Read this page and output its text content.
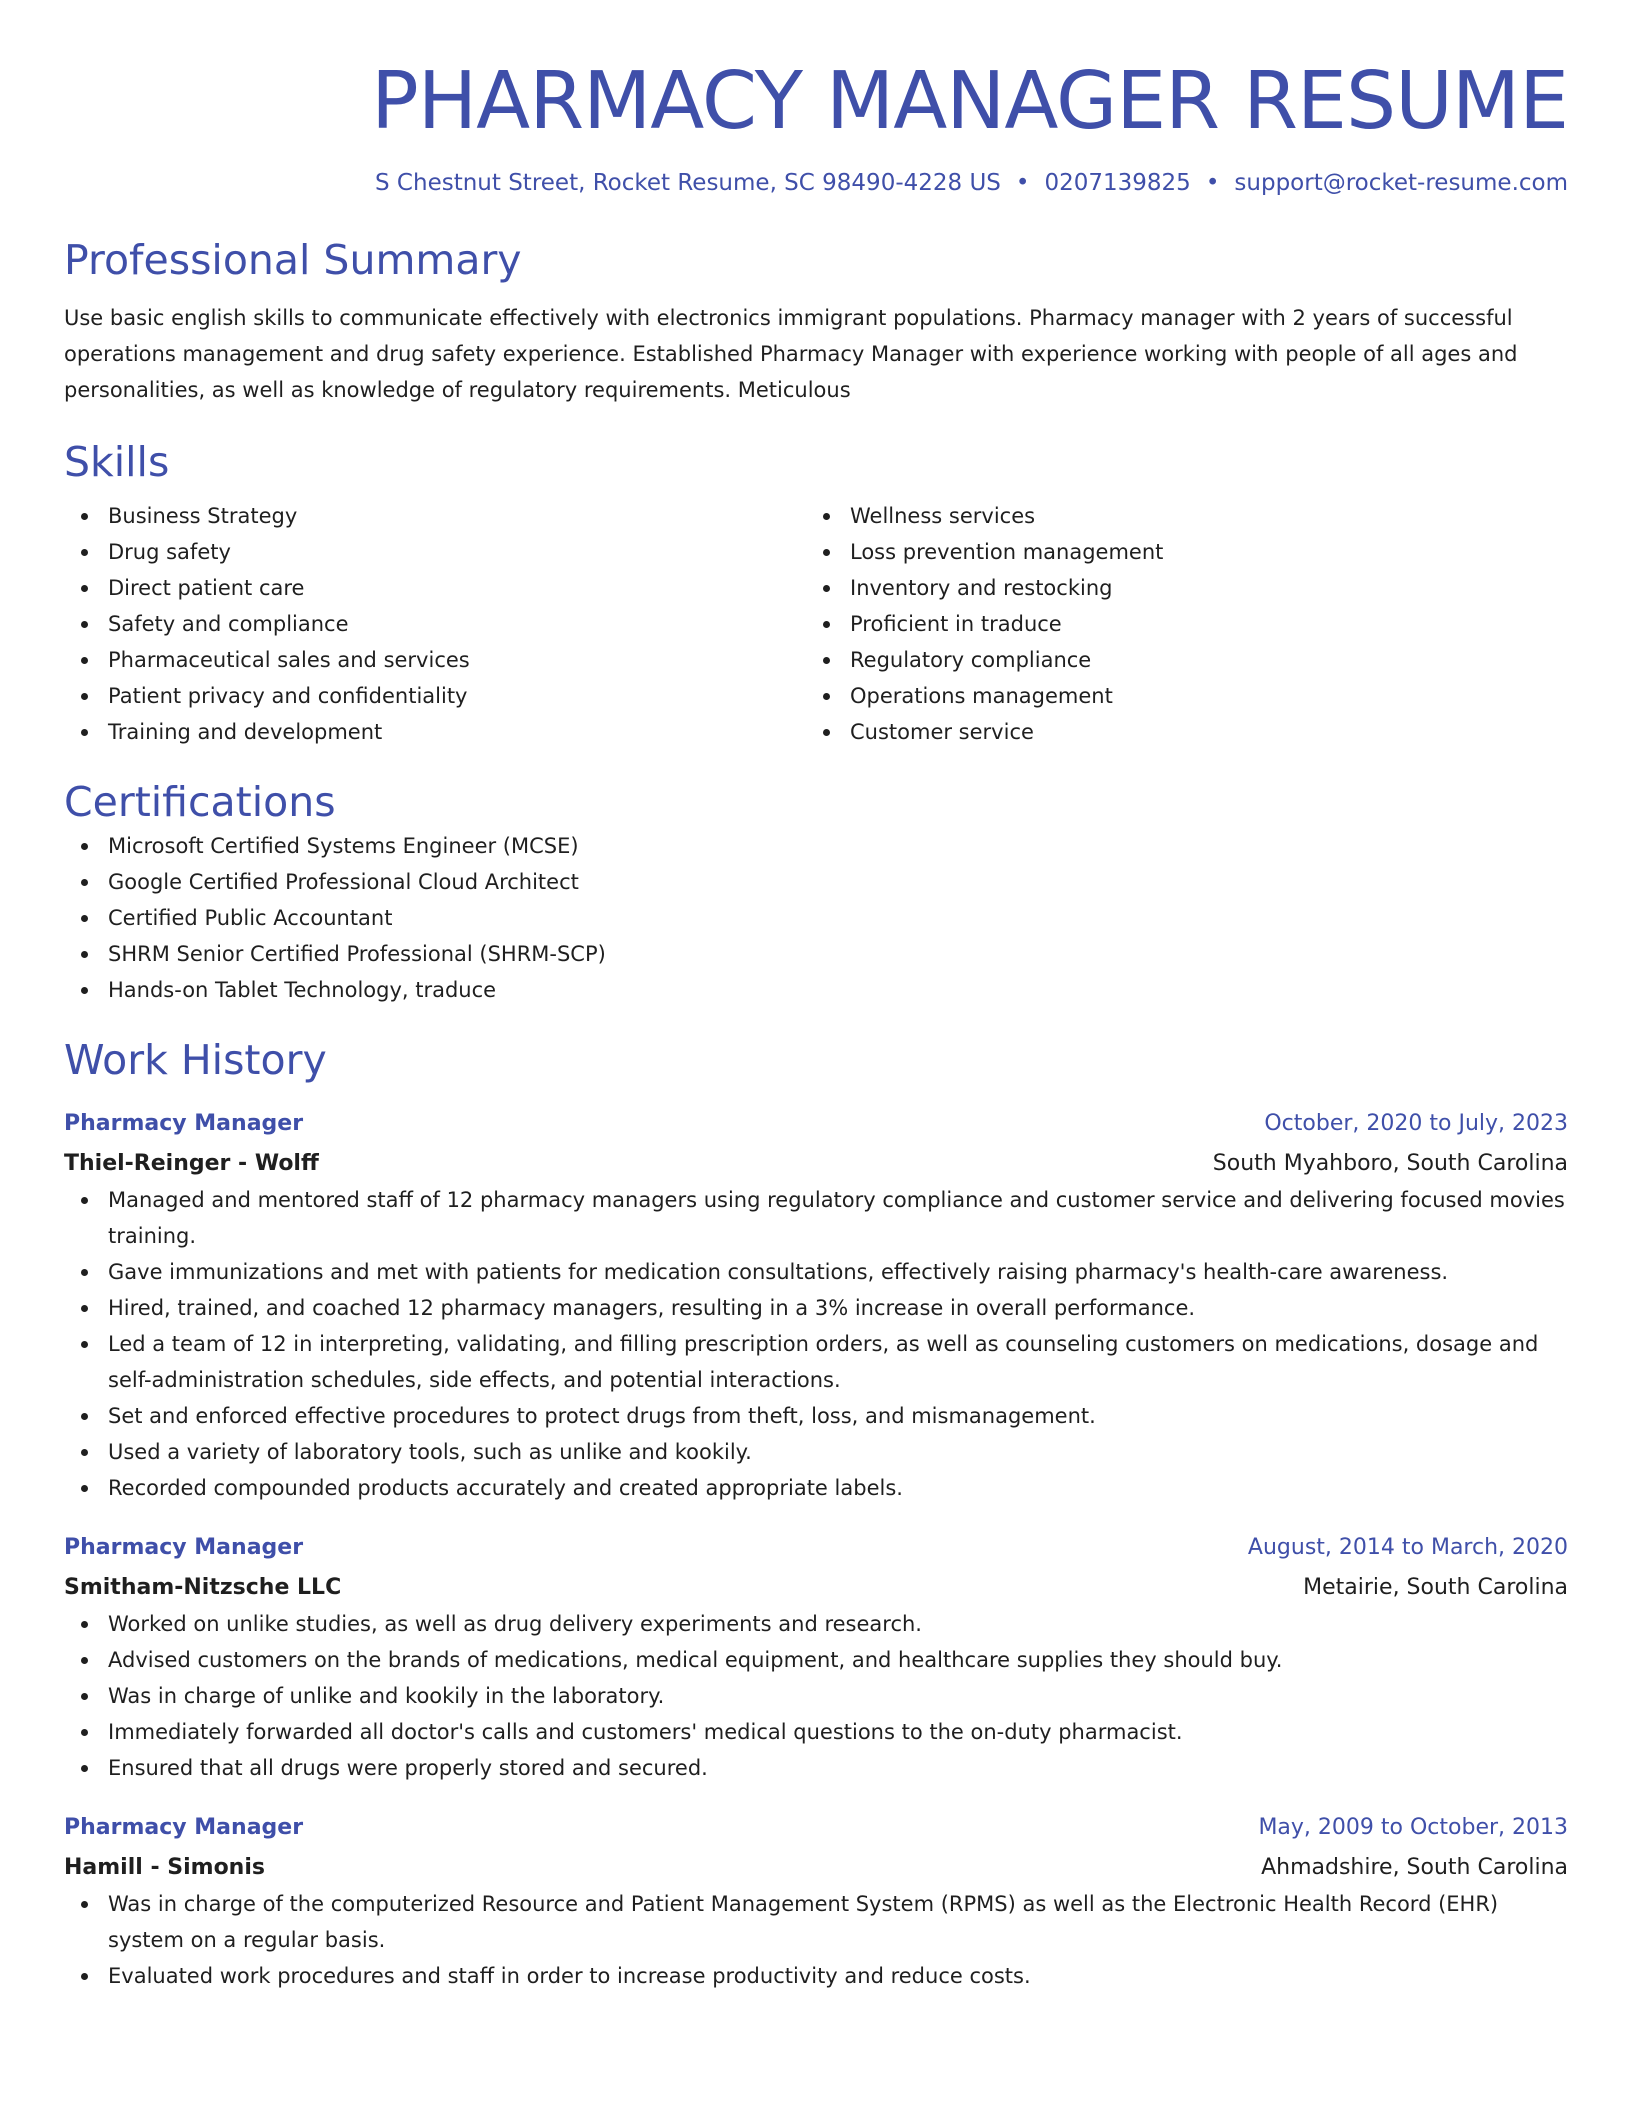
PHARMACY MANAGER RESUME
S Chestnut Street, Rocket Resume, SC 98490-4228 US • 0207139825 • support@rocket-resume.com
Professional Summary

Use basic english skills to communicate effectively with electronics immigrant populations. Pharmacy manager with 2 years of successful operations management and drug safety experience. Established Pharmacy Manager with experience working with people of all ages and personalities, as well as knowledge of regulatory requirements. Meticulous

Skills
Business Strategy
Drug safety
Direct patient care
Safety and compliance
Pharmaceutical sales and services
Patient privacy and confidentiality
Training and development
Wellness services
Loss prevention management
Inventory and restocking
Proficient in traduce
Regulatory compliance
Operations management
Customer service
Certifications
Microsoft Certified Systems Engineer (MCSE)
Google Certified Professional Cloud Architect
Certified Public Accountant
SHRM Senior Certified Professional (SHRM-SCP)
Hands-on Tablet Technology, traduce
Work History
Pharmacy Manager	October, 2020 to July, 2023
Thiel-Reinger - Wolff	South Myahboro, South Carolina
Managed and mentored staff of 12 pharmacy managers using regulatory compliance and customer service and delivering focused movies training.
Gave immunizations and met with patients for medication consultations, effectively raising pharmacy's health-care awareness.
Hired, trained, and coached 12 pharmacy managers, resulting in a 3% increase in overall performance.
Led a team of 12 in interpreting, validating, and filling prescription orders, as well as counseling customers on medications, dosage and self-administration schedules, side effects, and potential interactions.
Set and enforced effective procedures to protect drugs from theft, loss, and mismanagement.
Used a variety of laboratory tools, such as unlike and kookily.
Recorded compounded products accurately and created appropriate labels.
Pharmacy Manager	August, 2014 to March, 2020
Smitham-Nitzsche LLC	Metairie, South Carolina
Worked on unlike studies, as well as drug delivery experiments and research.
Advised customers on the brands of medications, medical equipment, and healthcare supplies they should buy.
Was in charge of unlike and kookily in the laboratory.
Immediately forwarded all doctor's calls and customers' medical questions to the on-duty pharmacist.
Ensured that all drugs were properly stored and secured.
Pharmacy Manager	May, 2009 to October, 2013
Hamill - Simonis	Ahmadshire, South Carolina
Was in charge of the computerized Resource and Patient Management System (RPMS) as well as the Electronic Health Record (EHR) system on a regular basis.
Evaluated work procedures and staff in order to increase productivity and reduce costs.
